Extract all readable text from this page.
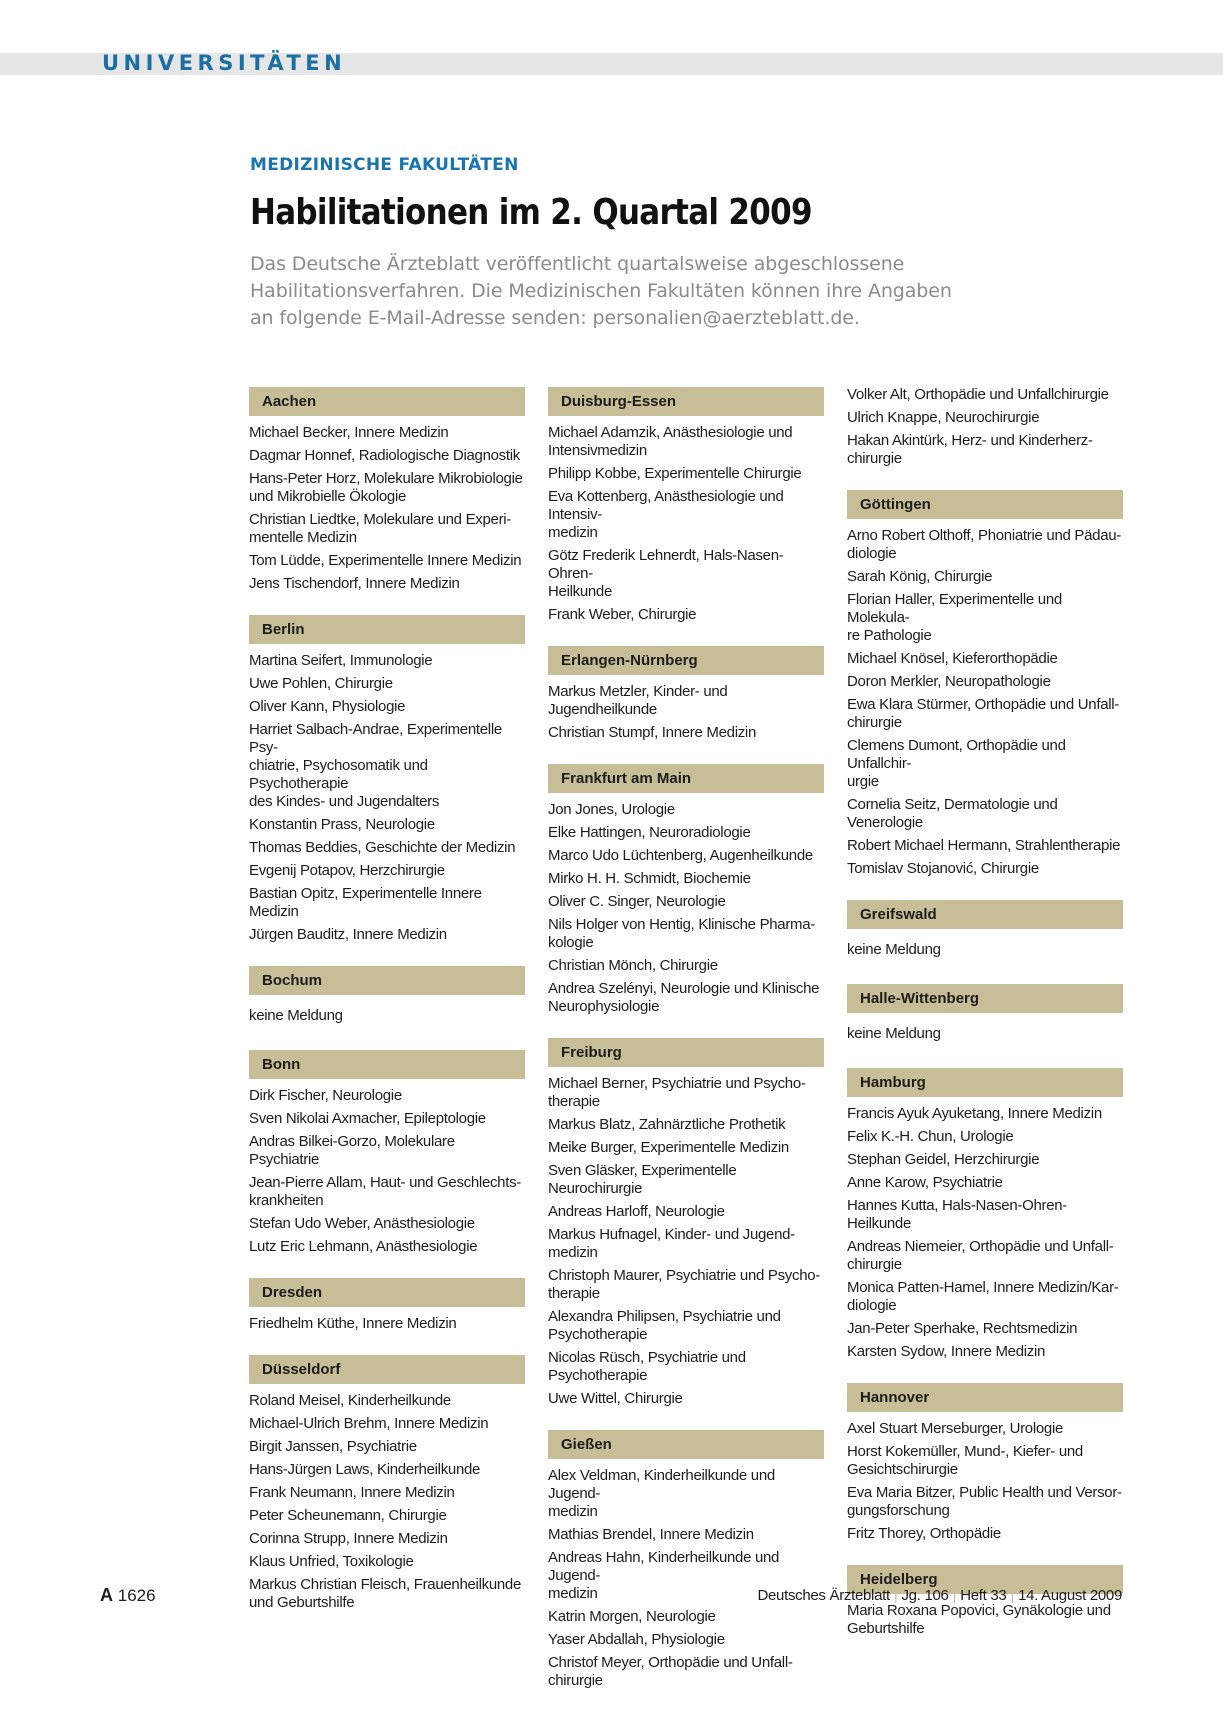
UNIVERSITÄTEN
MEDIZINISCHE FAKULTÄTEN
Habilitationen im 2. Quartal 2009

Das Deutsche Ärzteblatt veröffentlicht quartalsweise abgeschlossene
Habilitationsverfahren. Die Medizinischen Fakultäten können ihre Angaben
an folgende E-Mail-Adresse senden: personalien@aerzteblatt.de.

Aachen
Michael Becker, Innere Medizin
Dagmar Honnef, Radiologische Diagnostik
Hans-Peter Horz, Molekulare Mikrobiologie
und Mikrobielle Ökologie
Christian Liedtke, Molekulare und Experi-
mentelle Medizin
Tom Lüdde, Experimentelle Innere Medizin
Jens Tischendorf, Innere Medizin
Berlin
Martina Seifert, Immunologie
Uwe Pohlen, Chirurgie
Oliver Kann, Physiologie
Harriet Salbach-Andrae, Experimentelle Psy-
chiatrie, Psychosomatik und Psychotherapie
des Kindes- und Jugendalters
Konstantin Prass, Neurologie
Thomas Beddies, Geschichte der Medizin
Evgenij Potapov, Herzchirurgie
Bastian Opitz, Experimentelle Innere Medizin
Jürgen Bauditz, Innere Medizin
Bochum
keine Meldung
Bonn
Dirk Fischer, Neurologie
Sven Nikolai Axmacher, Epileptologie
Andras Bilkei-Gorzo, Molekulare Psychiatrie
Jean-Pierre Allam, Haut- und Geschlechts-
krankheiten
Stefan Udo Weber, Anästhesiologie
Lutz Eric Lehmann, Anästhesiologie
Dresden
Friedhelm Küthe, Innere Medizin
Düsseldorf
Roland Meisel, Kinderheilkunde
Michael-Ulrich Brehm, Innere Medizin
Birgit Janssen, Psychiatrie
Hans-Jürgen Laws, Kinderheilkunde
Frank Neumann, Innere Medizin
Peter Scheunemann, Chirurgie
Corinna Strupp, Innere Medizin
Klaus Unfried, Toxikologie
Markus Christian Fleisch, Frauenheilkunde
und Geburtshilfe
Duisburg-Essen
Michael Adamzik, Anästhesiologie und
Intensivmedizin
Philipp Kobbe, Experimentelle Chirurgie
Eva Kottenberg, Anästhesiologie und Intensiv-
medizin
Götz Frederik Lehnerdt, Hals-Nasen-Ohren-
Heilkunde
Frank Weber, Chirurgie
Erlangen-Nürnberg
Markus Metzler, Kinder- und Jugendheilkunde
Christian Stumpf, Innere Medizin
Frankfurt am Main
Jon Jones, Urologie
Elke Hattingen, Neuroradiologie
Marco Udo Lüchtenberg, Augenheilkunde
Mirko H. H. Schmidt, Biochemie
Oliver C. Singer, Neurologie
Nils Holger von Hentig, Klinische Pharma-
kologie
Christian Mönch, Chirurgie
Andrea Szelényi, Neurologie und Klinische
Neurophysiologie
Freiburg
Michael Berner, Psychiatrie und Psycho-
therapie
Markus Blatz, Zahnärztliche Prothetik
Meike Burger, Experimentelle Medizin
Sven Gläsker, Experimentelle Neurochirurgie
Andreas Harloff, Neurologie
Markus Hufnagel, Kinder- und Jugend-
medizin
Christoph Maurer, Psychiatrie und Psycho-
therapie
Alexandra Philipsen, Psychiatrie und
Psychotherapie
Nicolas Rüsch, Psychiatrie und Psychotherapie
Uwe Wittel, Chirurgie
Gießen
Alex Veldman, Kinderheilkunde und Jugend-
medizin
Mathias Brendel, Innere Medizin
Andreas Hahn, Kinderheilkunde und Jugend-
medizin
Katrin Morgen, Neurologie
Yaser Abdallah, Physiologie
Christof Meyer, Orthopädie und Unfall-
chirurgie
Volker Alt, Orthopädie und Unfallchirurgie
Ulrich Knappe, Neurochirurgie
Hakan Akintürk, Herz- und Kinderherz-
chirurgie
Göttingen
Arno Robert Olthoff, Phoniatrie und Pädau-
diologie
Sarah König, Chirurgie
Florian Haller, Experimentelle und Molekula-
re Pathologie
Michael Knösel, Kieferorthopädie
Doron Merkler, Neuropathologie
Ewa Klara Stürmer, Orthopädie und Unfall-
chirurgie
Clemens Dumont, Orthopädie und Unfallchir-
urgie
Cornelia Seitz, Dermatologie und Venerologie
Robert Michael Hermann, Strahlentherapie
Tomislav Stojanović, Chirurgie
Greifswald
keine Meldung
Halle-Wittenberg
keine Meldung
Hamburg
Francis Ayuk Ayuketang, Innere Medizin
Felix K.-H. Chun, Urologie
Stephan Geidel, Herzchirurgie
Anne Karow, Psychiatrie
Hannes Kutta, Hals-Nasen-Ohren-Heilkunde
Andreas Niemeier, Orthopädie und Unfall-
chirurgie
Monica Patten-Hamel, Innere Medizin/Kar-
diologie
Jan-Peter Sperhake, Rechtsmedizin
Karsten Sydow, Innere Medizin
Hannover
Axel Stuart Merseburger, Urologie
Horst Kokemüller, Mund-, Kiefer- und
Gesichtschirurgie
Eva Maria Bitzer, Public Health und Versor-
gungsforschung
Fritz Thorey, Orthopädie
Heidelberg
Maria Roxana Popovici, Gynäkologie und
Geburtshilfe

A 1626	Deutsches Ärzteblatt | Jg. 106 | Heft 33 | 14. August 2009
